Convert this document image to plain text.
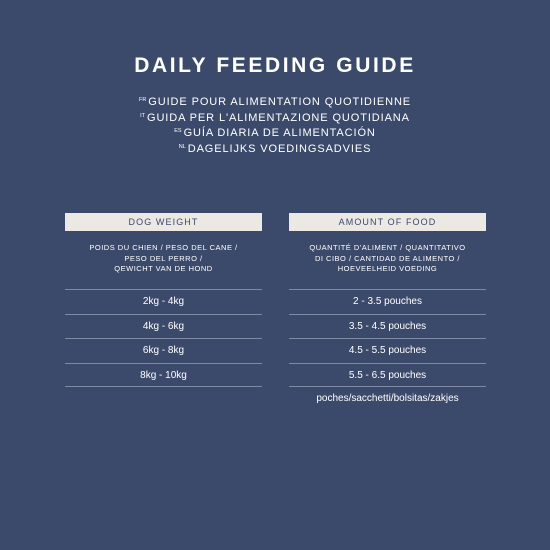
DAILY FEEDING GUIDE
$^{FR}$ GUIDE POUR ALIMENTATION QUOTIDIENNE
$^{IT}$ GUIDA PER L'ALIMENTAZIONE QUOTIDIANA
$^{ES}$ GUÍA DIARIA DE ALIMENTACIÓN
$^{NL}$ DAGELIJKS VOEDINGSADVIES
DOG WEIGHT
POIDS DU CHIEN / PESO DEL CANE /
PESO DEL PERRO /
QEWICHT VAN DE HOND
2kg - 4kg
4kg - 6kg
6kg - 8kg
8kg - 10kg
AMOUNT OF FOOD
QUANTITÉ D'ALIMENT / QUANTITATIVO
DI CIBO / CANTIDAD DE ALIMENTO /
HOEVEELHEID VOEDING
2 - 3.5 pouches
3.5 - 4.5 pouches
4.5 - 5.5 pouches
5.5 - 6.5 pouches
poches/sacchetti/bolsitas/zakjes
